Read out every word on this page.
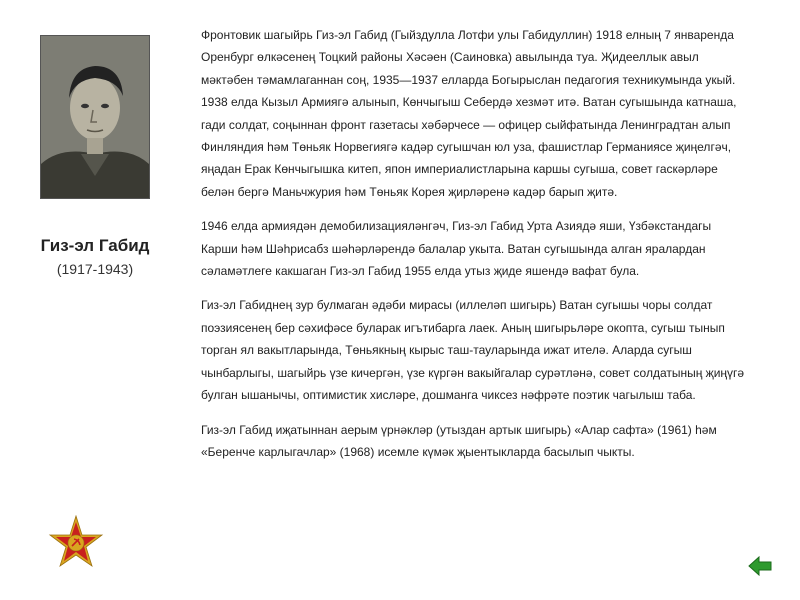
Гиз-эл Габид
(1917-1943)

Фронтовик шагыйрь Гиз-эл Габид (Гыйздулла Лотфи улы Габидуллин) 1918 елның 7 январенда Оренбург өлкәсенең Тоцкий районы Хәсәен (Саиновка) авылында туа. Җидееллык авыл мәктәбен тәмамлаганнан соң, 1935—1937 елларда Богырыслан педагогия техникумында укый. 1938 елда Кызыл Армиягә алынып, Көнчыгыш Себердә хезмәт итә. Ватан сугышында катнаша, гади солдат, соңыннан фронт газетасы хәбәрчесе — офицер сыйфатында Ленинградтан алып Финляндия һәм Төньяк Норвегиягә кадәр сугышчан юл уза, фашистлар Германиясе җиңелгәч, яңадан Ерак Көнчыгышка китеп, япон империалистларына каршы сугыша, совет гаскәрләре белән бергә Маньчжурия һәм Төньяк Корея җирләренә кадәр барып җитә.

1946 елда армиядән демобилизацияләнгәч, Гиз-эл Габид Урта Азиядә яши, Үзбәкстандагы Карши һәм Шәһрисабз шәһәрләрендә балалар укыта. Ватан сугышында алган яралардан сәламәтлеге какшаган Гиз-эл Габид 1955 елда утыз җиде яшендә вафат була.

Гиз-эл Габиднең зур булмаган әдәби мирасы (иллеләп шигырь) Ватан сугышы чоры солдат поэзиясенең бер сәхифәсе буларак игътибарга лаек. Аның шигырьләре окопта, сугыш тынып торган ял вакытларында, Төньякның кырыс таш-тауларында ижат ителә. Аларда сугыш чынбарлыгы, шагыйрь үзе кичергән, үзе күргән вакыйгалар сурәтләнә, совет солдатының җиңүгә булган ышанычы, оптимистик хисләре, дошманга чиксез нәфрәте поэтик чагылыш таба.

Гиз-эл Габид иҗатыннан аерым үрнәкләр (утыздан артык шигырь) «Алар сафта» (1961) һәм «Беренче карлыгачлар» (1968) исемле күмәк җыентыкларда басылып чыкты.
